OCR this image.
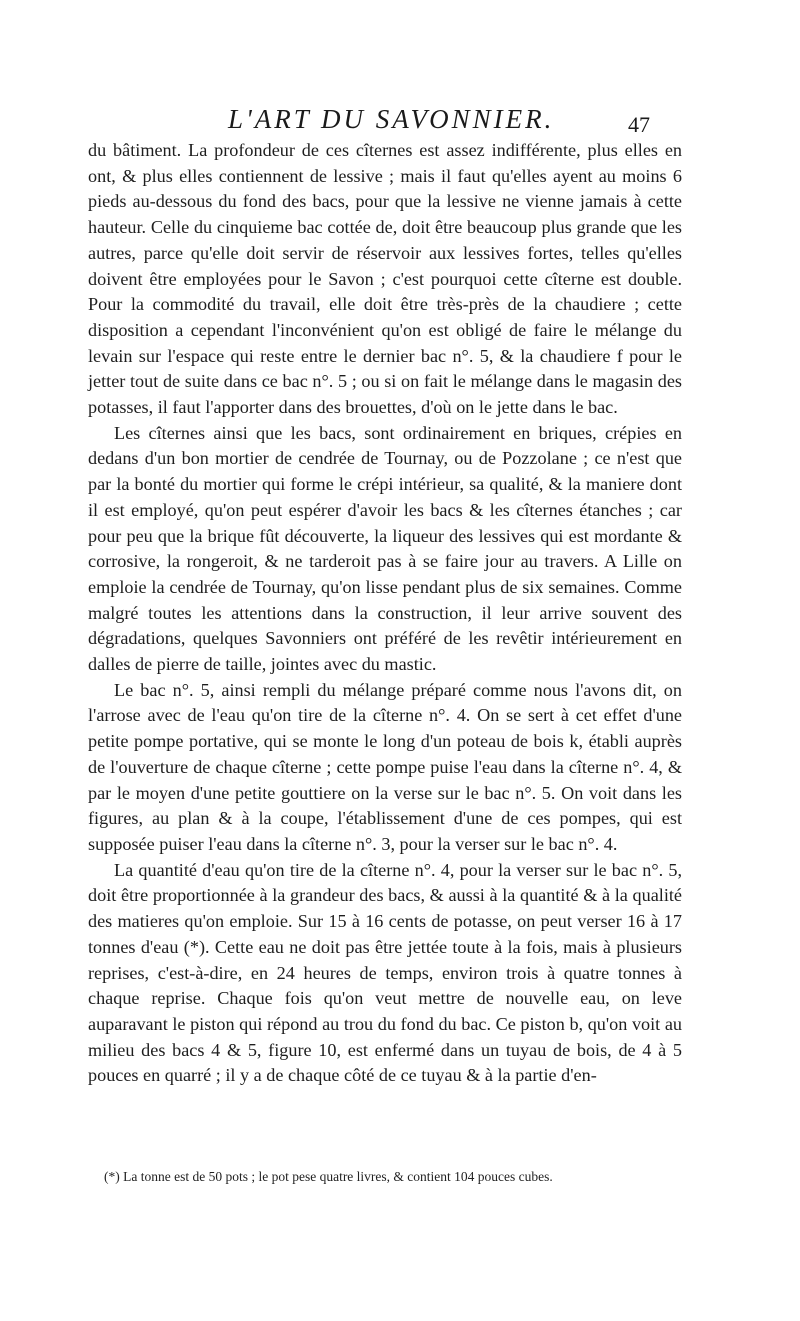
L'ART DU SAVONNIER.	47

du bâtiment. La profondeur de ces cîternes est assez indifférente, plus elles en ont, & plus elles contiennent de lessive ; mais il faut qu'elles ayent au moins 6 pieds au-dessous du fond des bacs, pour que la lessive ne vienne jamais à cette hauteur. Celle du cinquieme bac cottée de, doit être beaucoup plus grande que les autres, parce qu'elle doit servir de réservoir aux lessives fortes, telles qu'elles doivent être employées pour le Savon ; c'est pourquoi cette cîterne est double. Pour la commodité du travail, elle doit être très-près de la chaudiere ; cette disposition a cependant l'inconvénient qu'on est obligé de faire le mélange du levain sur l'espace qui reste entre le dernier bac n°. 5, & la chaudiere f pour le jetter tout de suite dans ce bac n°. 5 ; ou si on fait le mélange dans le magasin des potasses, il faut l'apporter dans des brouettes, d'où on le jette dans le bac.

Les cîternes ainsi que les bacs, sont ordinairement en briques, crépies en dedans d'un bon mortier de cendrée de Tournay, ou de Pozzolane ; ce n'est que par la bonté du mortier qui forme le crépi intérieur, sa qualité, & la maniere dont il est employé, qu'on peut espérer d'avoir les bacs & les cîternes étanches ; car pour peu que la brique fût découverte, la liqueur des lessives qui est mordante & corrosive, la rongeroit, & ne tarderoit pas à se faire jour au travers. A Lille on emploie la cendrée de Tournay, qu'on lisse pendant plus de six semaines. Comme malgré toutes les attentions dans la construction, il leur arrive souvent des dégradations, quelques Savonniers ont préféré de les revêtir intérieurement en dalles de pierre de taille, jointes avec du mastic.

Le bac n°. 5, ainsi rempli du mélange préparé comme nous l'avons dit, on l'arrose avec de l'eau qu'on tire de la cîterne n°. 4. On se sert à cet effet d'une petite pompe portative, qui se monte le long d'un poteau de bois k, établi auprès de l'ouverture de chaque cîterne ; cette pompe puise l'eau dans la cîterne n°. 4, & par le moyen d'une petite gouttiere on la verse sur le bac n°. 5. On voit dans les figures, au plan & à la coupe, l'établissement d'une de ces pompes, qui est supposée puiser l'eau dans la cîterne n°. 3, pour la verser sur le bac n°. 4.

La quantité d'eau qu'on tire de la cîterne n°. 4, pour la verser sur le bac n°. 5, doit être proportionnée à la grandeur des bacs, & aussi à la quantité & à la qualité des matieres qu'on emploie. Sur 15 à 16 cents de potasse, on peut verser 16 à 17 tonnes d'eau (*). Cette eau ne doit pas être jettée toute à la fois, mais à plusieurs reprises, c'est-à-dire, en 24 heures de temps, environ trois à quatre tonnes à chaque reprise. Chaque fois qu'on veut mettre de nouvelle eau, on leve auparavant le piston qui répond au trou du fond du bac. Ce piston b, qu'on voit au milieu des bacs 4 & 5, figure 10, est enfermé dans un tuyau de bois, de 4 à 5 pouces en quarré ; il y a de chaque côté de ce tuyau & à la partie d'en-

(*) La tonne est de 50 pots ; le pot pese quatre livres, & contient 104 pouces cubes.
